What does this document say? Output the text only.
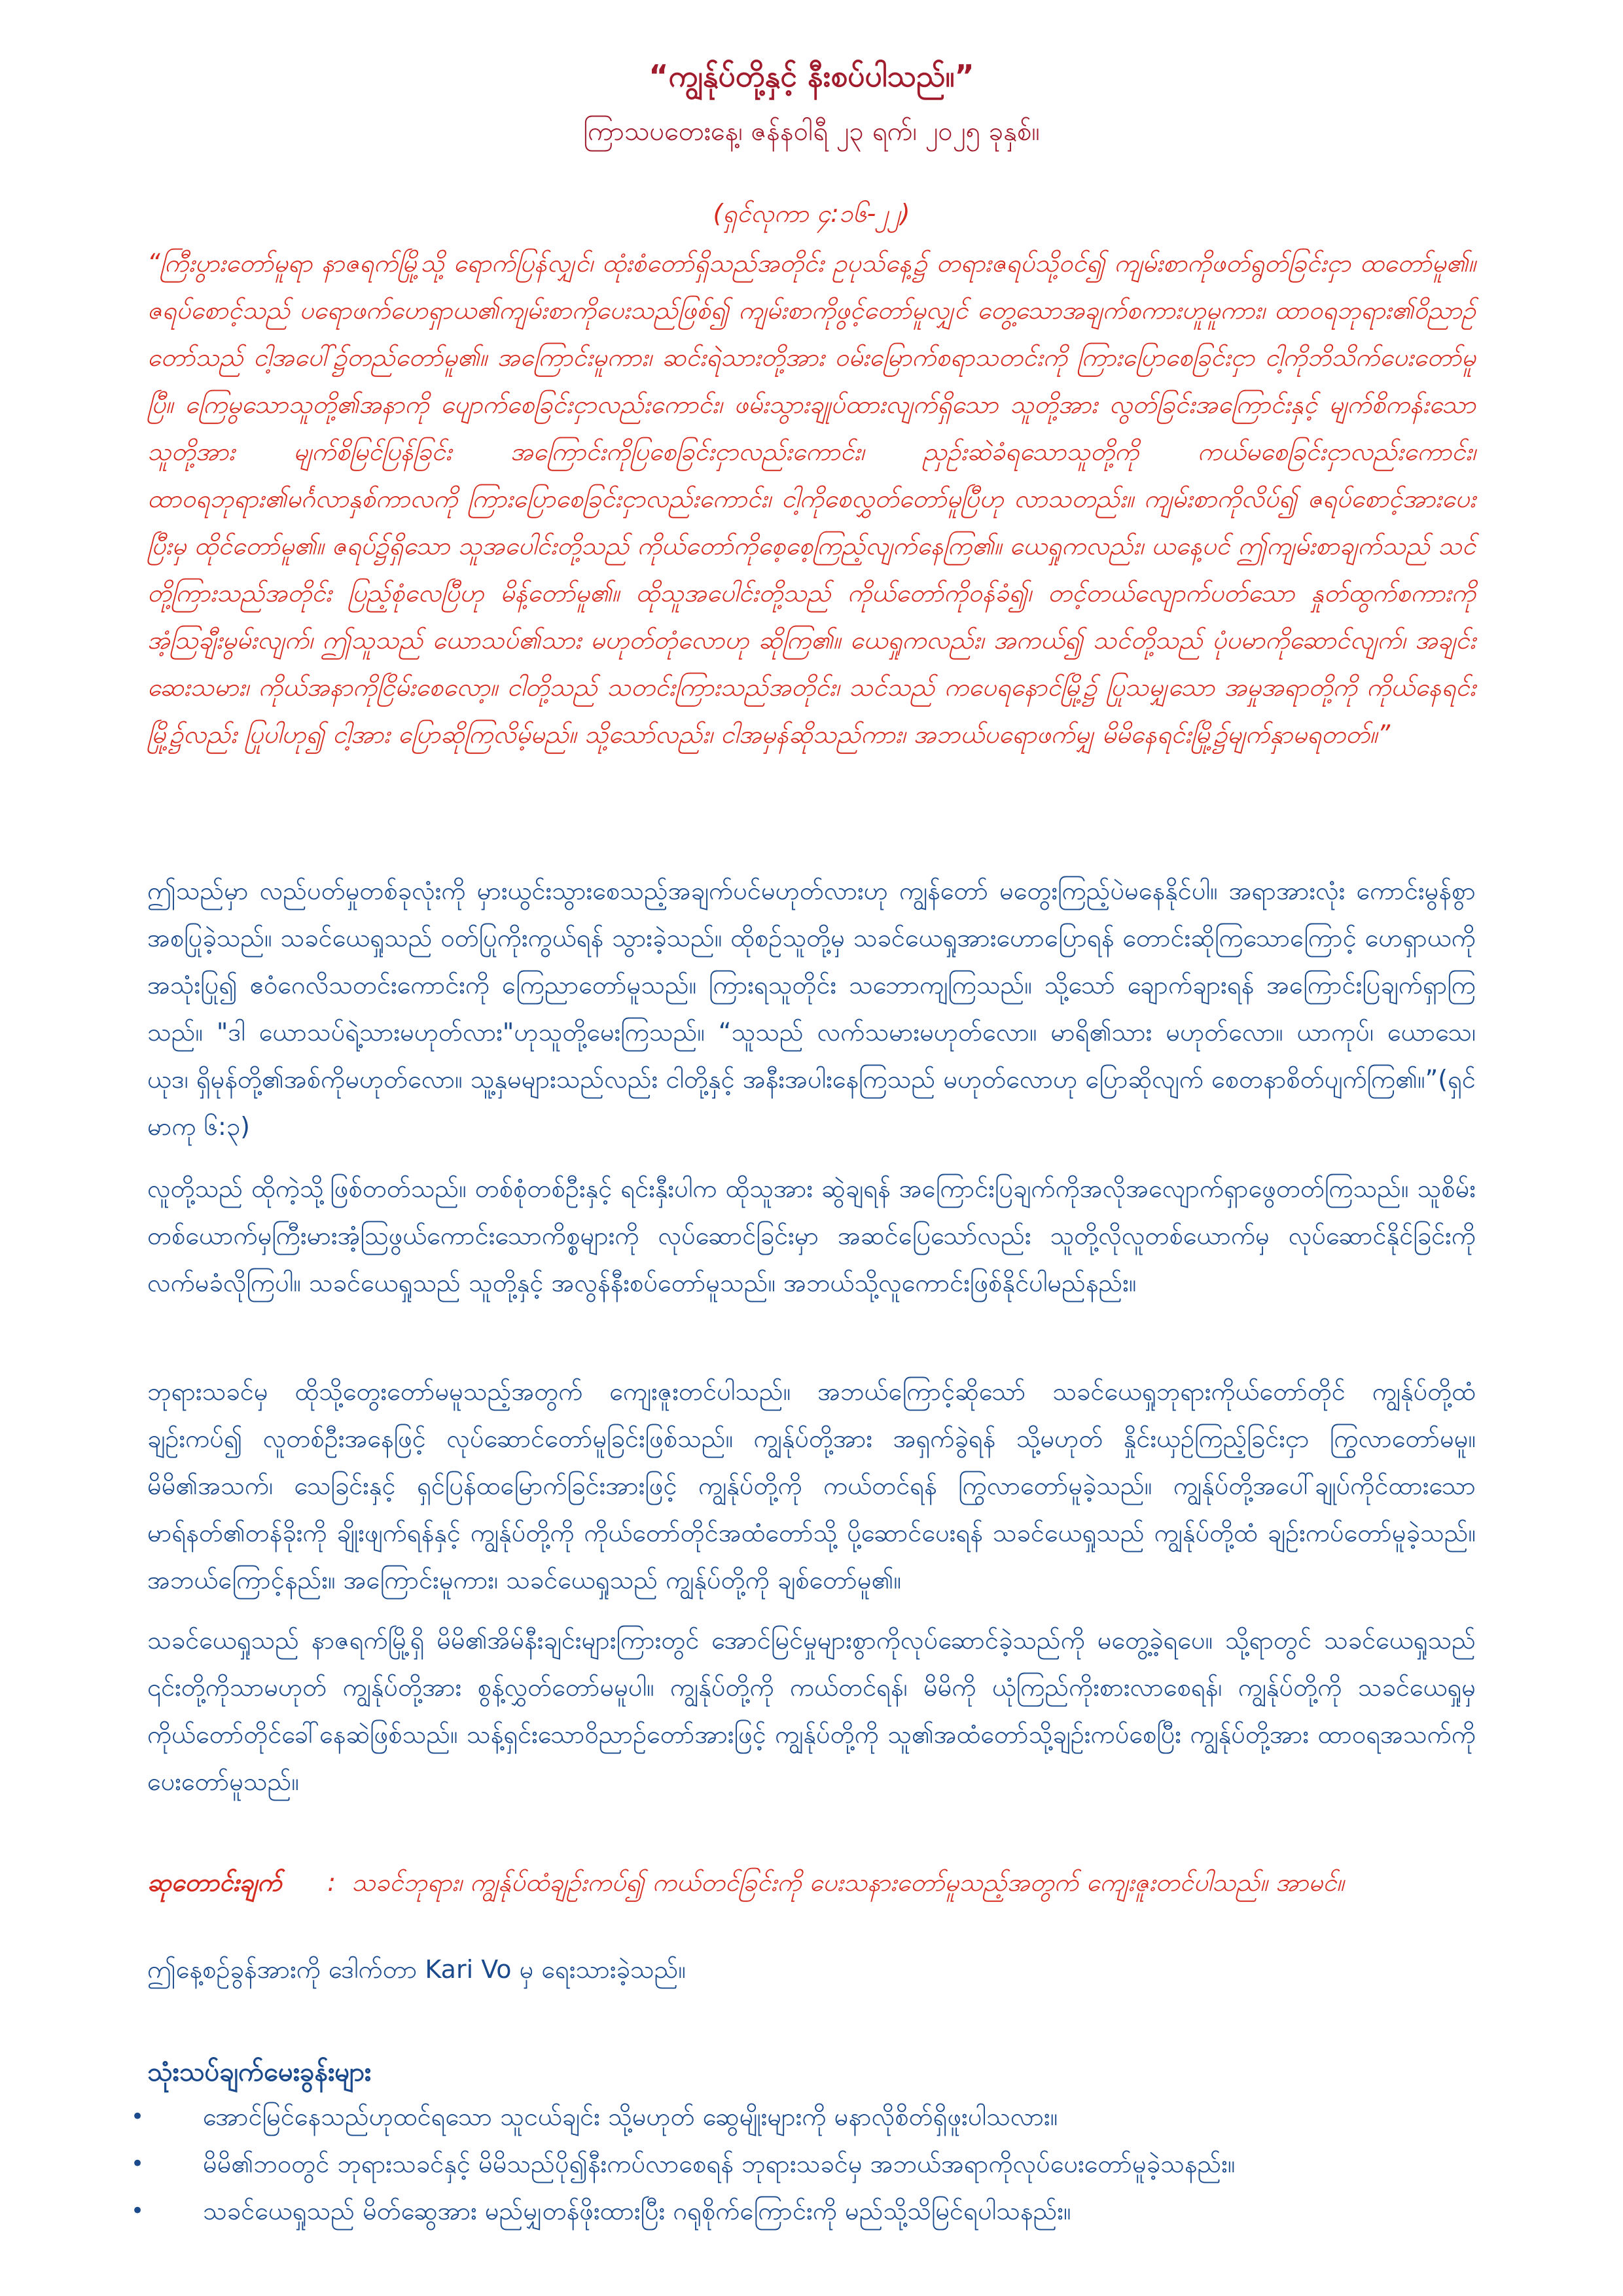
“ကျွန်ုပ်တို့နှင့် နီးစပ်ပါသည်။”
ကြာသပတေးနေ့၊ ဇန်နဝါရီ ၂၃ ရက်၊ ၂၀၂၅ ခုနှစ်။
(ရှင်လုကာ ၄:၁၆-၂၂)
“ကြီးပွားတော်မူရာ နာဇရက်မြို့သို့ ရောက်ပြန်လျှင်၊ ထုံးစံတော်ရှိသည်အတိုင်း ဥပုသ်နေ့၌ တရားဇရပ်သို့ဝင်၍ ကျမ်းစာကိုဖတ်ရွတ်ခြင်းငှာ ထတော်မူ၏။ ဇရပ်စောင့်သည် ပရောဖက်ဟေရှာယ၏ကျမ်းစာကိုပေးသည်ဖြစ်၍ ကျမ်းစာကိုဖွင့်တော်မူလျှင် တွေ့သောအချက်စကားဟူမူကား၊ ထာဝရဘုရား၏ဝိညာဉ်တော်သည် ငါ့အပေါ်၌တည်တော်မူ၏။ အကြောင်းမူကား၊ ဆင်းရဲသားတို့အား ဝမ်းမြောက်စရာသတင်းကို ကြားပြောစေခြင်းငှာ ငါ့ကိုဘိသိက်ပေးတော်မူပြီ။ ကြေမွသောသူတို့၏အနာကို ပျောက်စေခြင်းငှာလည်းကောင်း၊ ဖမ်းသွားချုပ်ထားလျက်ရှိသော သူတို့အား လွတ်ခြင်းအကြောင်းနှင့် မျက်စိကန်းသောသူတို့အား မျက်စိမြင်ပြန်ခြင်း အကြောင်းကိုပြစေခြင်းငှာလည်းကောင်း၊ ညှဉ်းဆဲခံရသောသူတို့ကို ကယ်မစေခြင်းငှာလည်းကောင်း၊ ထာဝရဘုရား၏မင်္ဂလာနှစ်ကာလကို ကြားပြောစေခြင်းငှာလည်းကောင်း၊ ငါ့ကိုစေလွှတ်တော်မူပြီဟု လာသတည်း။ ကျမ်းစာကိုလိပ်၍ ဇရပ်စောင့်အားပေးပြီးမှ ထိုင်တော်မူ၏။ ဇရပ်၌ရှိသော သူအပေါင်းတို့သည် ကိုယ်တော်ကိုစေ့စေ့ကြည့်လျက်နေကြ၏။ ယေရှုကလည်း၊ ယနေ့ပင် ဤကျမ်းစာချက်သည် သင်တို့ကြားသည်အတိုင်း ပြည့်စုံလေပြီဟု မိန့်တော်မူ၏။ ထိုသူအပေါင်းတို့သည် ကိုယ်တော်ကိုဝန်ခံ၍၊ တင့်တယ်လျောက်ပတ်သော နှုတ်ထွက်စကားကို အံ့ဩချီးမွမ်းလျက်၊ ဤသူသည် ယောသပ်၏သား မဟုတ်တုံလောဟု ဆိုကြ၏။ ယေရှုကလည်း၊ အကယ်၍ သင်တို့သည် ပုံပမာကိုဆောင်လျက်၊ အချင်းဆေးသမား၊ ကိုယ်အနာကိုငြိမ်းစေလော့။ ငါတို့သည် သတင်းကြားသည်အတိုင်း၊ သင်သည် ကပေရနောင်မြို့၌ ပြုသမျှသော အမှုအရာတို့ကို ကိုယ်နေရင်းမြို့၌လည်း ပြုပါဟု၍ ငါ့အား ပြောဆိုကြလိမ့်မည်။ သို့သော်လည်း၊ ငါအမှန်ဆိုသည်ကား၊ အဘယ်ပရောဖက်မျှ မိမိနေရင်းမြို့၌မျက်နှာမရတတ်။”
ဤသည်မှာ လည်ပတ်မှုတစ်ခုလုံးကို မှားယွင်းသွားစေသည့်အချက်ပင်မဟုတ်လားဟု ကျွန်တော် မတွေးကြည့်ပဲမနေနိုင်ပါ။ အရာအားလုံး ကောင်းမွန်စွာ အစပြုခဲ့သည်။ သခင်ယေရှုသည် ဝတ်ပြုကိုးကွယ်ရန် သွားခဲ့သည်။ ထိုစဉ်သူတို့မှ သခင်ယေရှုအားဟောပြောရန် တောင်းဆိုကြသောကြောင့် ဟေရှာယကိုအသုံးပြု၍ ဧဝံဂေလိသတင်းကောင်းကို ကြေညာတော်မူသည်။ ကြားရသူတိုင်း သဘောကျကြသည်။ သို့သော် ချောက်ချားရန် အကြောင်းပြချက်ရှာကြသည်။ "ဒါ ယောသပ်ရဲ့သားမဟုတ်လား"ဟုသူတို့မေးကြသည်။ “သူသည် လက်သမားမဟုတ်လော။ မာရိ၏သား မဟုတ်လော။ ယာကုပ်၊ ယောသေ၊ ယုဒ၊ ရှိမုန်တို့၏အစ်ကိုမဟုတ်လော။ သူ့နှမများသည်လည်း ငါတို့နှင့် အနီးအပါးနေကြသည် မဟုတ်လောဟု ပြောဆိုလျက် စေတနာစိတ်ပျက်ကြ၏။”(ရှင်မာကု ၆:၃)
လူတို့သည် ထိုကဲ့သို့ဖြစ်တတ်သည်။ တစ်စုံတစ်ဦးနှင့် ရင်းနှီးပါက ထိုသူအား ဆွဲချရန် အကြောင်းပြချက်ကိုအလိုအလျောက်ရှာဖွေတတ်ကြသည်။ သူစိမ်းတစ်ယောက်မှကြီးမားအံ့သြဖွယ်ကောင်းသောကိစ္စများကို လုပ်ဆောင်ခြင်းမှာ အဆင်ပြေသော်လည်း သူတို့လိုလူတစ်ယောက်မှ လုပ်ဆောင်နိုင်ခြင်းကို လက်မခံလိုကြပါ။ သခင်ယေရှုသည် သူတို့နှင့် အလွန်နီးစပ်တော်မူသည်။ အဘယ်သို့လူကောင်းဖြစ်နိုင်ပါမည်နည်း။
ဘုရားသခင်မှ ထိုသို့တွေးတော်မမူသည့်အတွက် ကျေးဇူးတင်ပါသည်။ အဘယ်ကြောင့်ဆိုသော် သခင်ယေရှုဘုရားကိုယ်တော်တိုင် ကျွန်ုပ်တို့ထံ ချဉ်းကပ်၍ လူတစ်ဦးအနေဖြင့် လုပ်ဆောင်တော်မူခြင်းဖြစ်သည်။ ကျွန်ုပ်တို့အား အရှက်ခွဲရန် သို့မဟုတ် နှိုင်းယှဉ်ကြည့်ခြင်းငှာ ကြွလာတော်မမူ။ မိမိ၏အသက်၊ သေခြင်းနှင့် ရှင်ပြန်ထမြောက်ခြင်းအားဖြင့် ကျွန်ုပ်တို့ကို ကယ်တင်ရန် ကြွလာတော်မူခဲ့သည်။ ကျွန်ုပ်တို့အပေါ်ချုပ်ကိုင်ထားသော မာရ်နတ်၏တန်ခိုးကို ချိုးဖျက်ရန်နှင့် ကျွန်ုပ်တို့ကို ကိုယ်တော်တိုင်အထံတော်သို့ ပို့ဆောင်ပေးရန် သခင်ယေရှုသည် ကျွန်ုပ်တို့ထံ ချဉ်းကပ်တော်မူခဲ့သည်။ အဘယ်ကြောင့်နည်း။ အကြောင်းမူကား၊ သခင်ယေရှုသည် ကျွန်ုပ်တို့ကို ချစ်တော်မူ၏။
သခင်ယေရှုသည် နာဇရက်မြို့ရှိ မိမိ၏အိမ်နီးချင်းများကြားတွင် အောင်မြင်မှုများစွာကိုလုပ်ဆောင်ခဲ့သည်ကို မတွေ့ခဲ့ရပေ။ သို့ရာတွင် သခင်ယေရှုသည် ၎င်းတို့ကိုသာမဟုတ် ကျွန်ုပ်တို့အား စွန့်လွှတ်တော်မမူပါ။ ကျွန်ုပ်တို့ကို ကယ်တင်ရန်၊ မိမိကို ယုံကြည်ကိုးစားလာစေရန်၊ ကျွန်ုပ်တို့ကို သခင်ယေရှုမှ ကိုယ်တော်တိုင်ခေါ်နေဆဲဖြစ်သည်။ သန့်ရှင်းသောဝိညာဉ်တော်အားဖြင့် ကျွန်ုပ်တို့ကို သူ၏အထံတော်သို့ချဉ်းကပ်စေပြီး ကျွန်ုပ်တို့အား ထာဝရအသက်ကို ပေးတော်မူသည်။
ဆုတောင်းချက် : သခင်ဘုရား၊ ကျွန်ုပ်ထံချဉ်းကပ်၍ ကယ်တင်ခြင်းကို ပေးသနားတော်မူသည့်အတွက် ကျေးဇူးတင်ပါသည်။ အာမင်။
ဤနေ့စဉ်ခွန်အားကို ဒေါက်တာ Kari Vo မှ ရေးသားခဲ့သည်။
သုံးသပ်ချက်မေးခွန်းများ
• အောင်မြင်နေသည်ဟုထင်ရသော သူငယ်ချင်း သို့မဟုတ် ဆွေမျိုးများကို မနာလိုစိတ်ရှိဖူးပါသလား။
• မိမိ၏ဘဝတွင် ဘုရားသခင်နှင့် မိမိသည်ပို၍နီးကပ်လာစေရန် ဘုရားသခင်မှ အဘယ်အရာကိုလုပ်ပေးတော်မူခဲ့သနည်း။
• သခင်ယေရှုသည် မိတ်ဆွေအား မည်မျှတန်ဖိုးထားပြီး ဂရုစိုက်ကြောင်းကို မည်သို့သိမြင်ရပါသနည်း။
